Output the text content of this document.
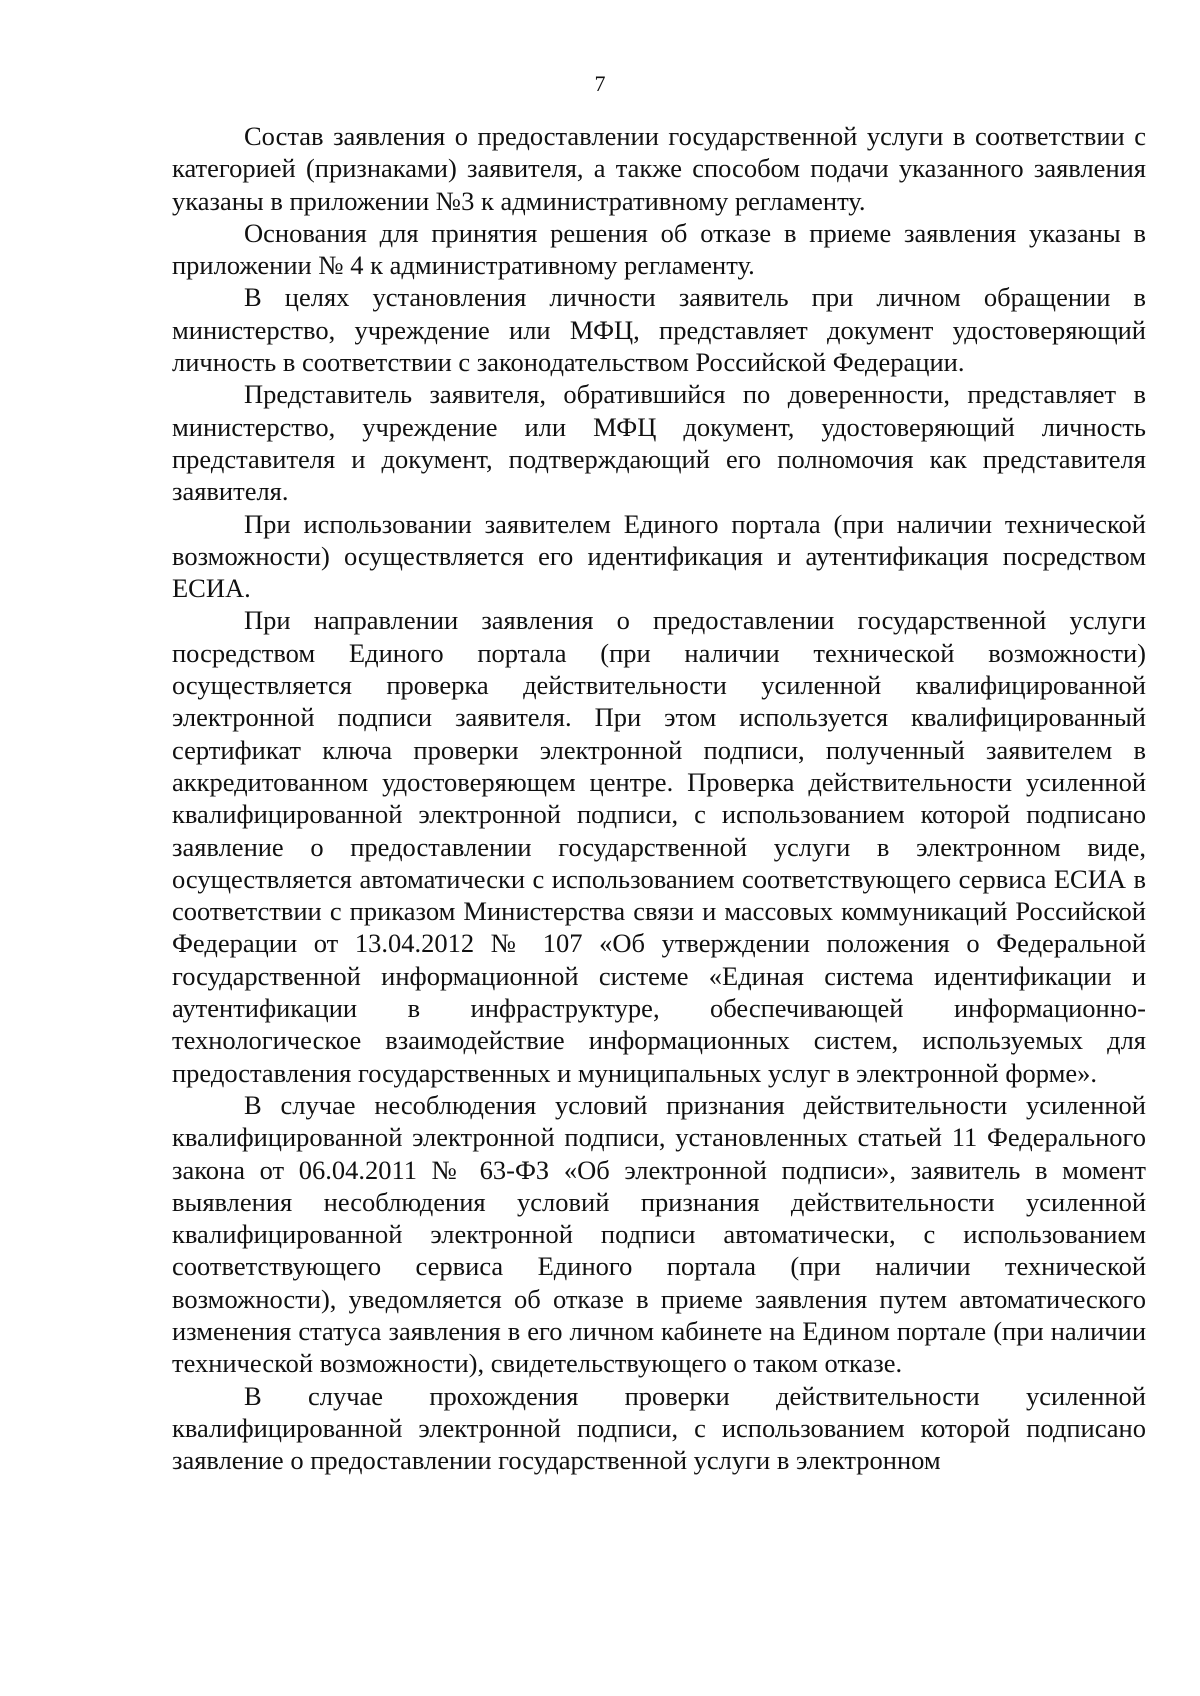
7

Состав заявления о предоставлении государственной услуги в соответствии с категорией (признаками) заявителя, а также способом подачи указанного заявления указаны в приложении №3 к административному регламенту.

Основания для принятия решения об отказе в приеме заявления указаны в приложении № 4 к административному регламенту.

В целях установления личности заявитель при личном обращении в министерство, учреждение или МФЦ, представляет документ удостоверяющий личность в соответствии с законодательством Российской Федерации.

Представитель заявителя, обратившийся по доверенности, представляет в министерство, учреждение или МФЦ документ, удостоверяющий личность представителя и документ, подтверждающий его полномочия как представителя заявителя.

При использовании заявителем Единого портала (при наличии технической возможности) осуществляется его идентификация и аутентификация посредством ЕСИА.

При направлении заявления о предоставлении государственной услуги посредством Единого портала (при наличии технической возможности) осуществляется проверка действительности усиленной квалифицированной электронной подписи заявителя. При этом используется квалифицированный сертификат ключа проверки электронной подписи, полученный заявителем в аккредитованном удостоверяющем центре. Проверка действительности усиленной квалифицированной электронной подписи, с использованием которой подписано заявление о предоставлении государственной услуги в электронном виде, осуществляется автоматически с использованием соответствующего сервиса ЕСИА в соответствии с приказом Министерства связи и массовых коммуникаций Российской Федерации от 13.04.2012 № 107 «Об утверждении положения о Федеральной государственной информационной системе «Единая система идентификации и аутентификации в инфраструктуре, обеспечивающей информационно-технологическое взаимодействие информационных систем, используемых для предоставления государственных и муниципальных услуг в электронной форме».

В случае несоблюдения условий признания действительности усиленной квалифицированной электронной подписи, установленных статьей 11 Федерального закона от 06.04.2011 № 63-ФЗ «Об электронной подписи», заявитель в момент выявления несоблюдения условий признания действительности усиленной квалифицированной электронной подписи автоматически, с использованием соответствующего сервиса Единого портала (при наличии технической возможности), уведомляется об отказе в приеме заявления путем автоматического изменения статуса заявления в его личном кабинете на Едином портале (при наличии технической возможности), свидетельствующего о таком отказе.

В случае прохождения проверки действительности усиленной квалифицированной электронной подписи, с использованием которой подписано заявление о предоставлении государственной услуги в электронном
